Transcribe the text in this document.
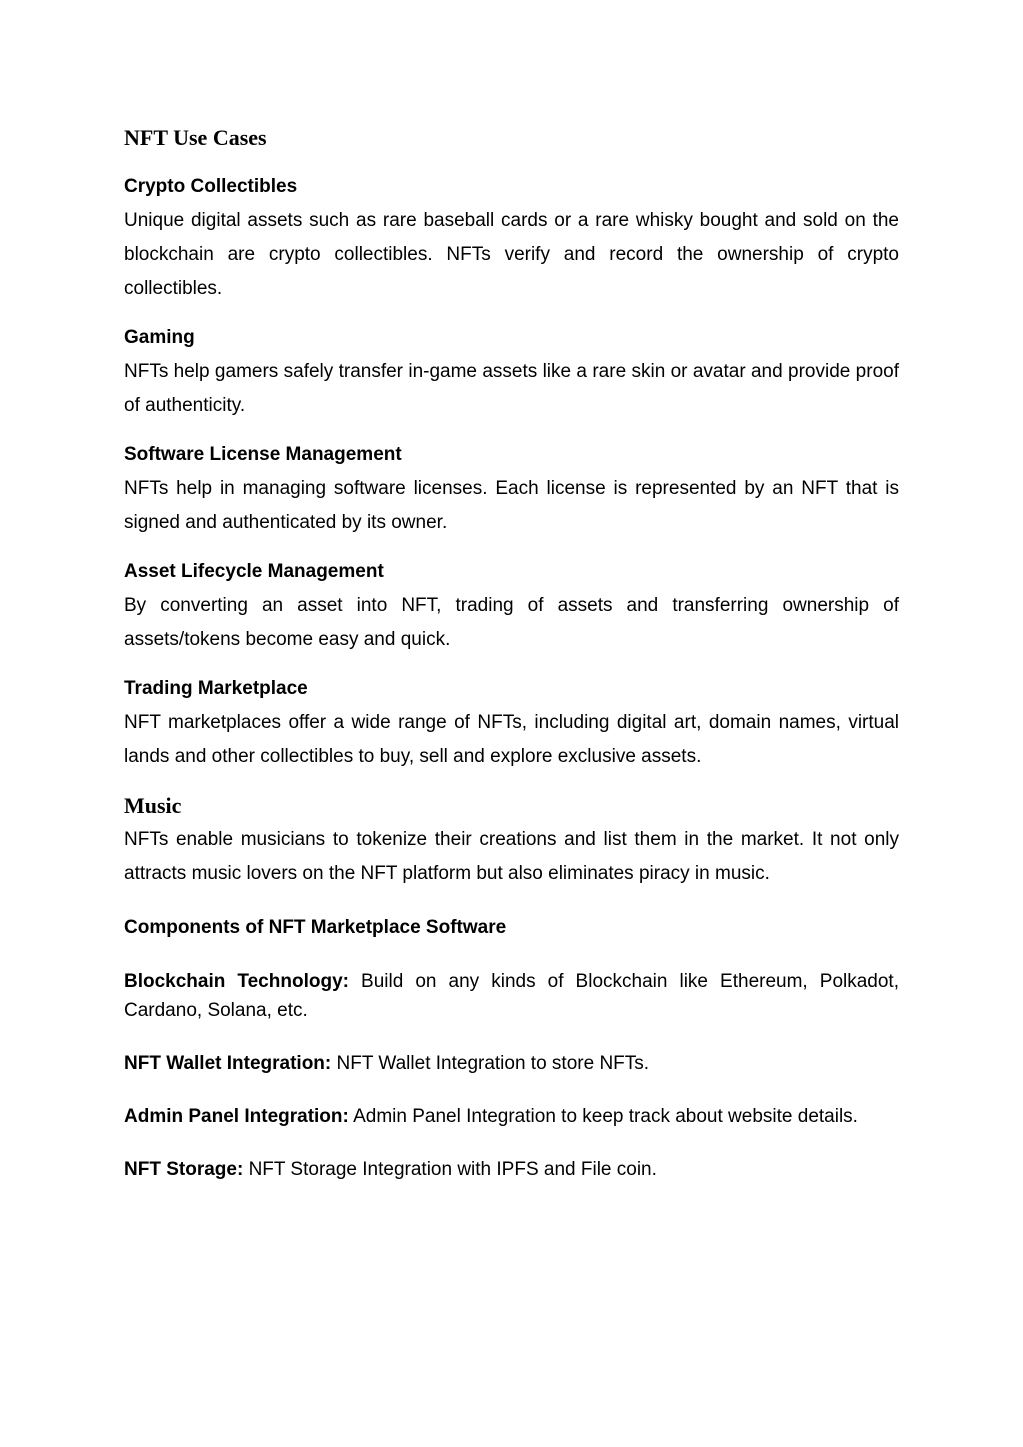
NFT Use Cases
Crypto Collectibles

Unique digital assets such as rare baseball cards or a rare whisky bought and sold on the blockchain are crypto collectibles. NFTs verify and record the ownership of crypto collectibles.

Gaming

NFTs help gamers safely transfer in-game assets like a rare skin or avatar and provide proof of authenticity.

Software License Management

NFTs help in managing software licenses. Each license is represented by an NFT that is signed and authenticated by its owner.

Asset Lifecycle Management

By converting an asset into NFT, trading of assets and transferring ownership of assets/tokens become easy and quick.

Trading Marketplace

NFT marketplaces offer a wide range of NFTs, including digital art, domain names, virtual lands and other collectibles to buy, sell and explore exclusive assets.

Music

NFTs enable musicians to tokenize their creations and list them in the market. It not only attracts music lovers on the NFT platform but also eliminates piracy in music.

Components of NFT Marketplace Software

Blockchain Technology: Build on any kinds of Blockchain like Ethereum, Polkadot, Cardano, Solana, etc.

NFT Wallet Integration: NFT Wallet Integration to store NFTs.

Admin Panel Integration: Admin Panel Integration to keep track about website details.

NFT Storage: NFT Storage Integration with IPFS and File coin.
